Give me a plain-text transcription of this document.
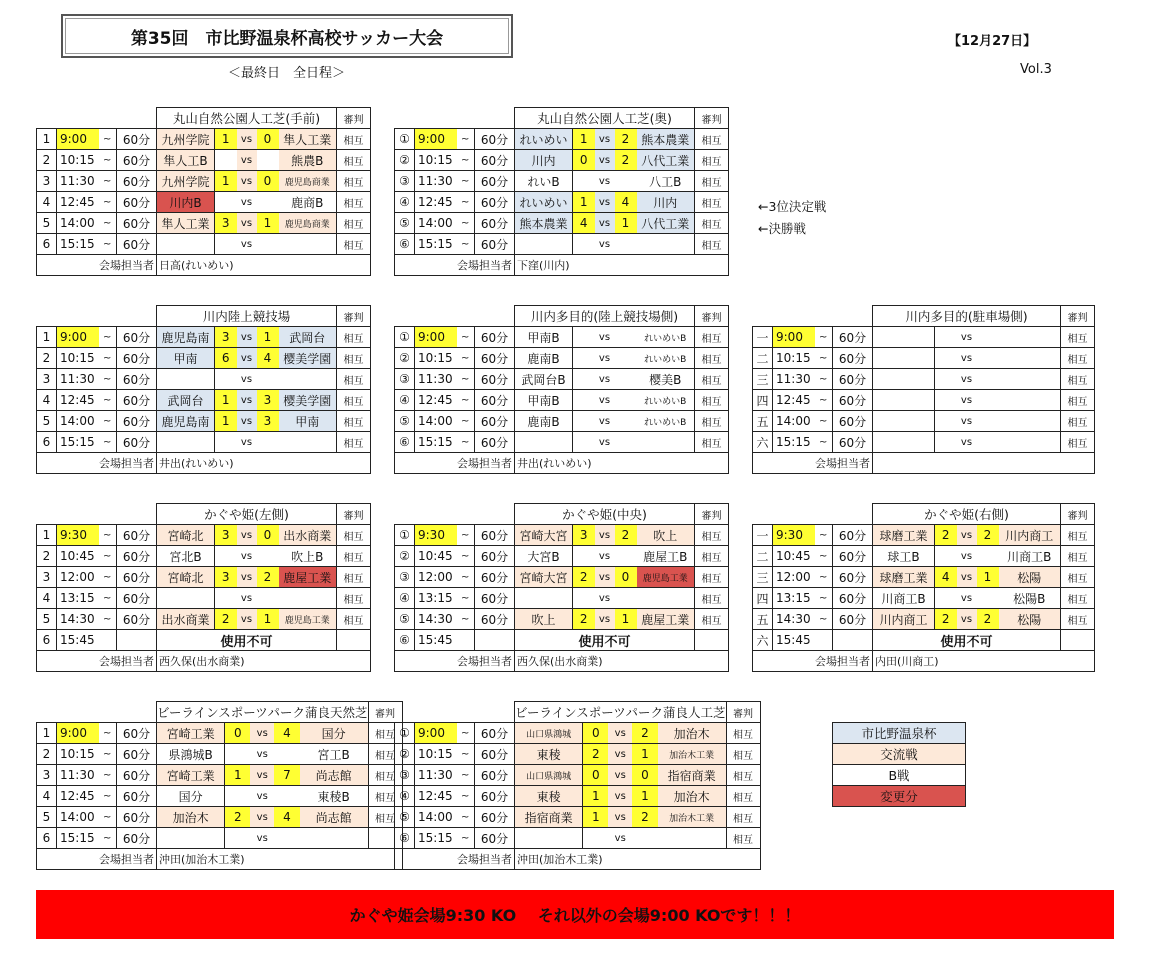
第35回　市比野温泉杯高校サッカー大会
＜最終日　全日程＞
【12月27日】
Vol.3
←3位決定戦
←決勝戦
				丸山自然公園人工芝(手前)					審判
1	9:00	~	60分	九州学院	1	vs	0	隼人工業	相互
2	10:15	~	60分	隼人工B		vs		熊農B	相互
3	11:30	~	60分	九州学院	1	vs	0	鹿児島商業	相互
4	12:45	~	60分	川内B		vs		鹿商B	相互
5	14:00	~	60分	隼人工業	3	vs	1	鹿児島商業	相互
6	15:15	~	60分			vs			相互
会場担当者				日高(れいめい)					
				丸山自然公園人工芝(奥)					審判
①	9:00	~	60分	れいめい	1	vs	2	熊本農業	相互
②	10:15	~	60分	川内	0	vs	2	八代工業	相互
③	11:30	~	60分	れいB		vs		八工B	相互
④	12:45	~	60分	れいめい	1	vs	4	川内	相互
⑤	14:00	~	60分	熊本農業	4	vs	1	八代工業	相互
⑥	15:15	~	60分			vs			相互
会場担当者				下窪(川内)					
				川内陸上競技場					審判
1	9:00	~	60分	鹿児島南	3	vs	1	武岡台	相互
2	10:15	~	60分	甲南	6	vs	4	樱美学園	相互
3	11:30	~	60分			vs			相互
4	12:45	~	60分	武岡台	1	vs	3	樱美学園	相互
5	14:00	~	60分	鹿児島南	1	vs	3	甲南	相互
6	15:15	~	60分			vs			相互
会場担当者				井出(れいめい)					
				川内多目的(陸上競技場側)					審判
①	9:00	~	60分	甲南B		vs		れいめいB	相互
②	10:15	~	60分	鹿南B		vs		れいめいB	相互
③	11:30	~	60分	武岡台B		vs		樱美B	相互
④	12:45	~	60分	甲南B		vs		れいめいB	相互
⑤	14:00	~	60分	鹿南B		vs		れいめいB	相互
⑥	15:15	~	60分			vs			相互
会場担当者				井出(れいめい)					
				川内多目的(駐車場側)					審判
一	9:00	~	60分			vs			相互
二	10:15	~	60分			vs			相互
三	11:30	~	60分			vs			相互
四	12:45	~	60分			vs			相互
五	14:00	~	60分			vs			相互
六	15:15	~	60分			vs			相互
会場担当者									
				かぐや姫(左側)					審判
1	9:30	~	60分	宮崎北	3	vs	0	出水商業	相互
2	10:45	~	60分	宮北B		vs		吹上B	相互
3	12:00	~	60分	宮崎北	3	vs	2	鹿屋工業	相互
4	13:15	~	60分			vs			相互
5	14:30	~	60分	出水商業	2	vs	1	鹿児島工業	相互
6	15:45			使用不可					
会場担当者				西久保(出水商業)					
				かぐや姫(中央)					審判
①	9:30	~	60分	宮崎大宮	3	vs	2	吹上	相互
②	10:45	~	60分	大宮B		vs		鹿屋工B	相互
③	12:00	~	60分	宮崎大宮	2	vs	0	鹿児島工業	相互
④	13:15	~	60分			vs			相互
⑤	14:30	~	60分	吹上	2	vs	1	鹿屋工業	相互
⑥	15:45			使用不可					
会場担当者				西久保(出水商業)					
				かぐや姫(右側)					審判
一	9:30	~	60分	球磨工業	2	vs	2	川内商工	相互
二	10:45	~	60分	球工B		vs		川商工B	相互
三	12:00	~	60分	球磨工業	4	vs	1	松陽	相互
四	13:15	~	60分	川商工B		vs		松陽B	相互
五	14:30	~	60分	川内商工	2	vs	2	松陽	相互
六	15:45			使用不可					
会場担当者				内田(川商工)					
				ビーラインスポーツパーク蒲良天然芝					審判
1	9:00	~	60分	宮崎工業	0	vs	4	国分	相互
2	10:15	~	60分	県鴻城B		vs		宮工B	相互
3	11:30	~	60分	宮崎工業	1	vs	7	尚志館	相互
4	12:45	~	60分	国分		vs		東稜B	相互
5	14:00	~	60分	加治木	2	vs	4	尚志館	相互
6	15:15	~	60分			vs			
会場担当者				沖田(加治木工業)					
				ビーラインスポーツパーク蒲良人工芝					審判
①	9:00	~	60分	山口県鴻城	0	vs	2	加治木	相互
②	10:15	~	60分	東稜	2	vs	1	加治木工業	相互
③	11:30	~	60分	山口県鴻城	0	vs	0	指宿商業	相互
④	12:45	~	60分	東稜	1	vs	1	加治木	相互
⑤	14:00	~	60分	指宿商業	1	vs	2	加治木工業	相互
⑥	15:15	~	60分			vs			相互
会場担当者				沖田(加治木工業)					
市比野温泉杯
交流戦
B戦
変更分
かぐや姫会場9:30 KO　 それ以外の会場9:00 KOです！！！
